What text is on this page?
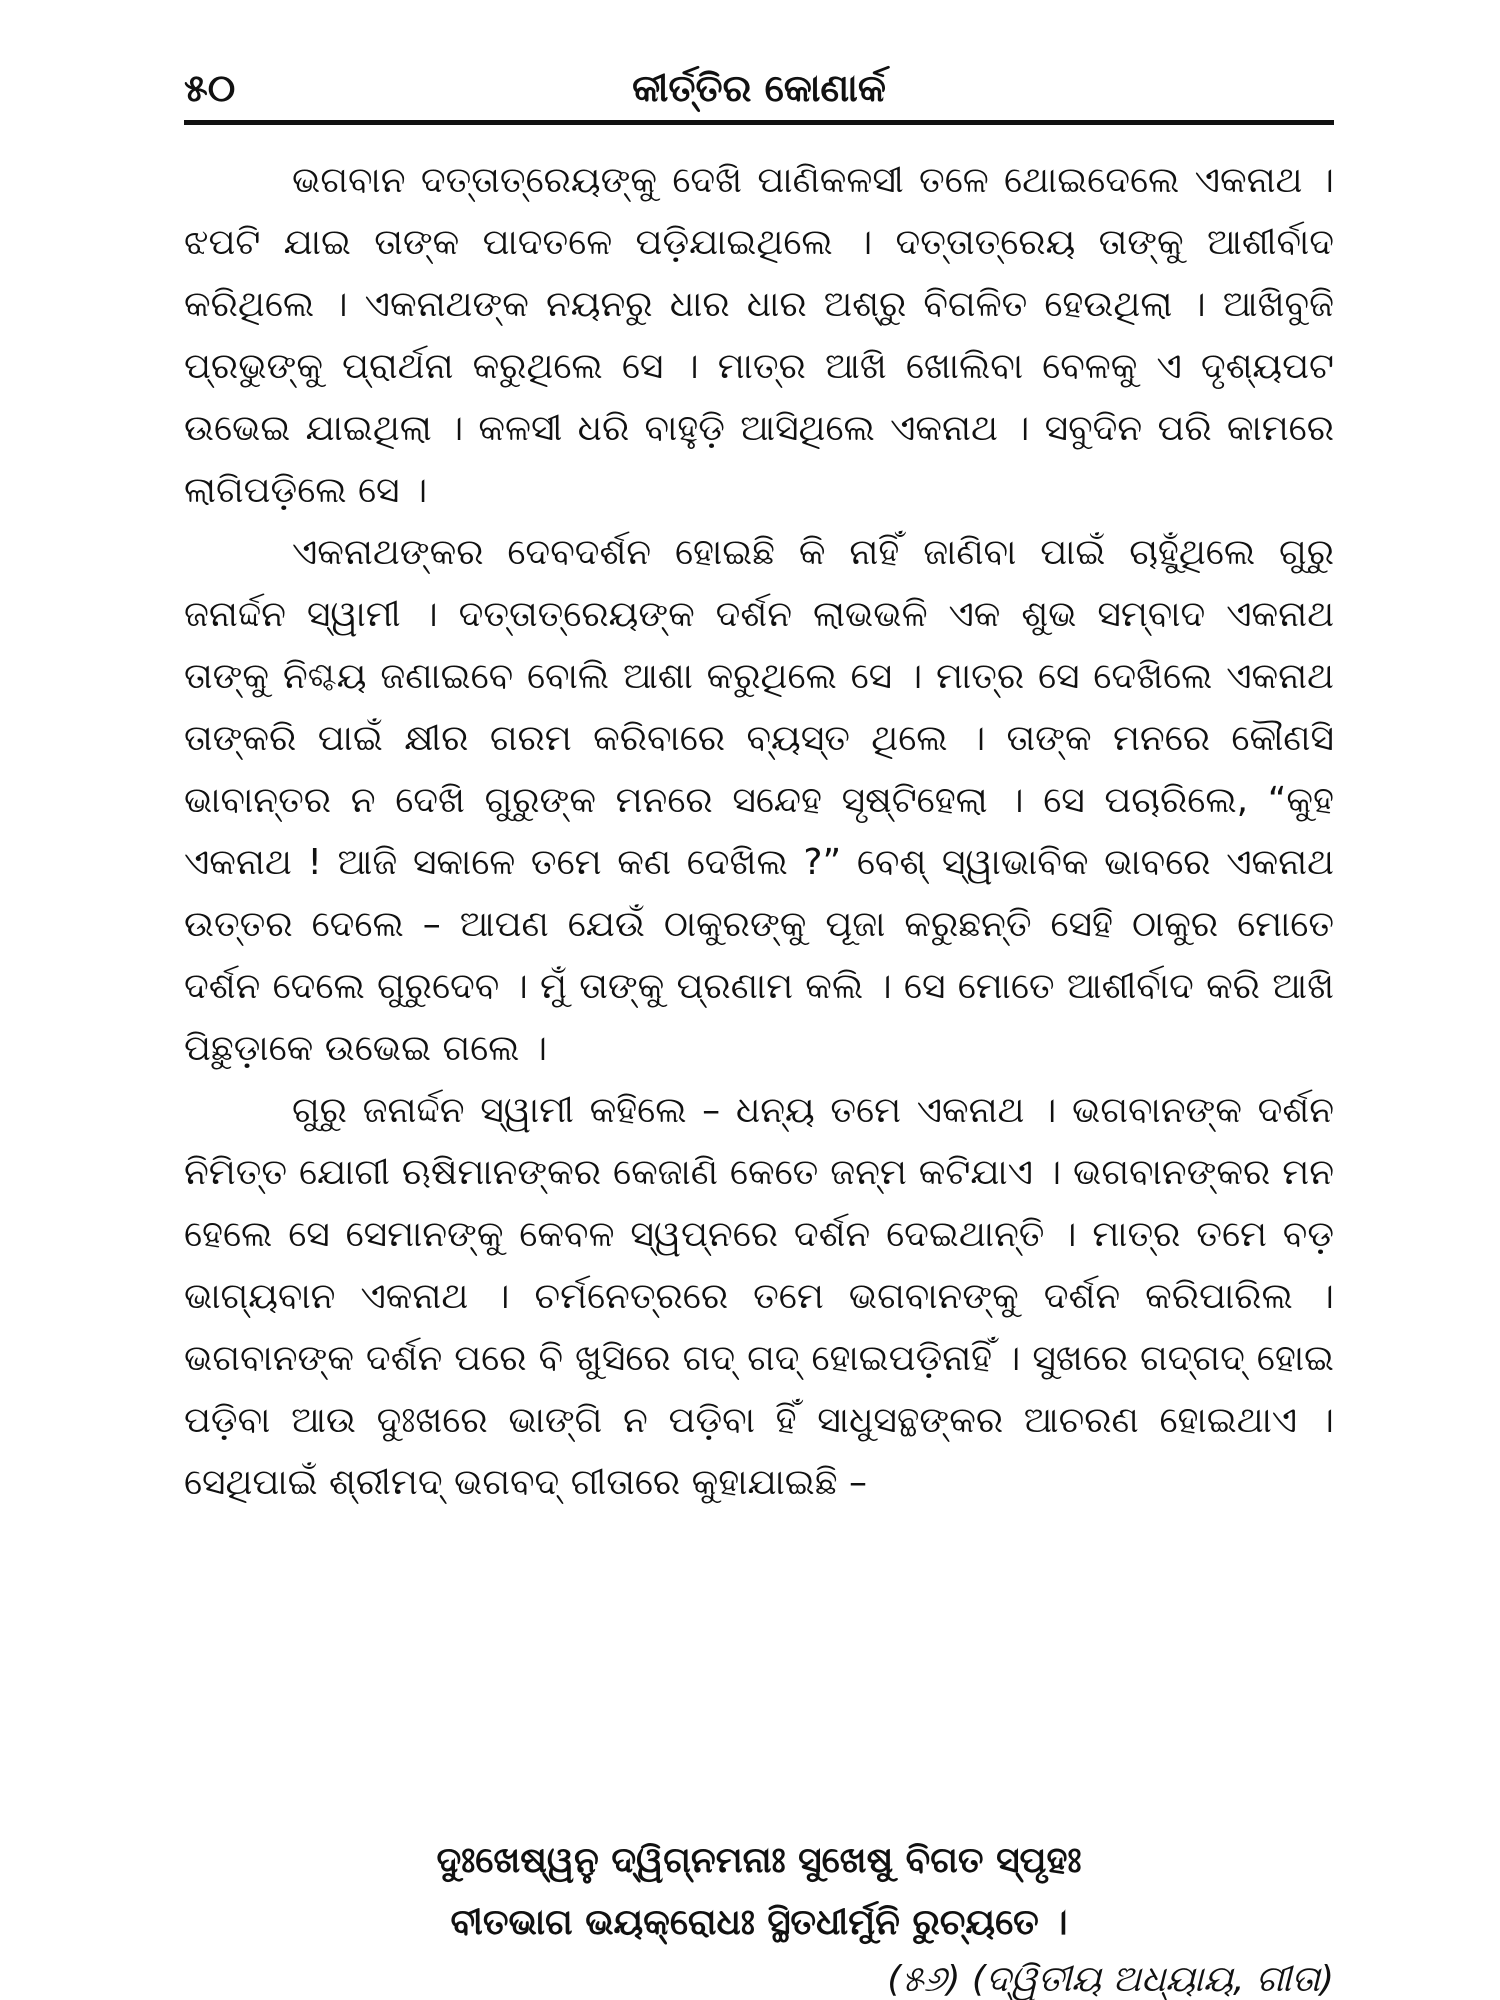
୫୦	କୀର୍ତ୍ତିର କୋଣାର୍କ

ଭଗବାନ ଦତ୍ତାତ୍ରେୟଙ୍କୁ ଦେଖି ପାଣିକଳସୀ ତଳେ ଥୋଇଦେଲେ ଏକନାଥ । ଝପଟି ଯାଇ ତାଙ୍କ ପାଦତଳେ ପଡ଼ିଯାଇଥିଲେ । ଦତ୍ତାତ୍ରେୟ ତାଙ୍କୁ ଆଶୀର୍ବାଦ କରିଥିଲେ । ଏକନାଥଙ୍କ ନୟନରୁ ଧାର ଧାର ଅଶ୍ରୁ ବିଗଳିତ ହେଉଥିଲା । ଆଖିବୁଜି ପ୍ରଭୁଙ୍କୁ ପ୍ରାର୍ଥନା କରୁଥିଲେ ସେ । ମାତ୍ର ଆଖି ଖୋଲିବା ବେଳକୁ ଏ ଦୃଶ୍ୟପଟ ଉଭେଇ ଯାଇଥିଲା । କଳସୀ ଧରି ବାହୁଡ଼ି ଆସିଥିଲେ ଏକନାଥ । ସବୁଦିନ ପରି କାମରେ ଲାଗିପଡ଼ିଲେ ସେ ।

ଏକନାଥଙ୍କର ଦେବଦର୍ଶନ ହୋଇଛି କି ନାହିଁ ଜାଣିବା ପାଇଁ ଚାହୁଁଥିଲେ ଗୁରୁ ଜନାର୍ଦ୍ଦନ ସ୍ୱାମୀ । ଦତ୍ତାତ୍ରେୟଙ୍କ ଦର୍ଶନ ଲାଭଭଳି ଏକ ଶୁଭ ସମ୍ବାଦ ଏକନାଥ ତାଙ୍କୁ ନିଶ୍ଚୟ ଜଣାଇବେ ବୋଲି ଆଶା କରୁଥିଲେ ସେ । ମାତ୍ର ସେ ଦେଖିଲେ ଏକନାଥ ତାଙ୍କରି ପାଇଁ କ୍ଷୀର ଗରମ କରିବାରେ ବ୍ୟସ୍ତ ଥିଲେ । ତାଙ୍କ ମନରେ କୌଣସି ଭାବାନ୍ତର ନ ଦେଖି ଗୁରୁଙ୍କ ମନରେ ସନ୍ଦେହ ସୃଷ୍ଟିହେଲା । ସେ ପଚାରିଲେ, “କୁହ ଏକନାଥ ! ଆଜି ସକାଳେ ତମେ କଣ ଦେଖିଲ ?” ବେଶ୍ ସ୍ୱାଭାବିକ ଭାବରେ ଏକନାଥ ଉତ୍ତର ଦେଲେ – ଆପଣ ଯେଉଁ ଠାକୁରଙ୍କୁ ପୂଜା କରୁଛନ୍ତି ସେହି ଠାକୁର ମୋତେ ଦର୍ଶନ ଦେଲେ ଗୁରୁଦେବ । ମୁଁ ତାଙ୍କୁ ପ୍ରଣାମ କଲି । ସେ ମୋତେ ଆଶୀର୍ବାଦ କରି ଆଖି ପିଛୁଡ଼ାକେ ଉଭେଇ ଗଲେ ।

ଗୁରୁ ଜନାର୍ଦ୍ଦନ ସ୍ୱାମୀ କହିଲେ – ଧନ୍ୟ ତମେ ଏକନାଥ । ଭଗବାନଙ୍କ ଦର୍ଶନ ନିମିତ୍ତ ଯୋଗୀ ଋଷିମାନଙ୍କର କେଜାଣି କେତେ ଜନ୍ମ କଟିଯାଏ । ଭଗବାନଙ୍କର ମନ ହେଲେ ସେ ସେମାନଙ୍କୁ କେବଳ ସ୍ୱପ୍ନରେ ଦର୍ଶନ ଦେଇଥାନ୍ତି । ମାତ୍ର ତମେ ବଡ଼ ଭାଗ୍ୟବାନ ଏକନାଥ । ଚର୍ମନେତ୍ରରେ ତମେ ଭଗବାନଙ୍କୁ ଦର୍ଶନ କରିପାରିଲ । ଭଗବାନଙ୍କ ଦର୍ଶନ ପରେ ବି ଖୁସିରେ ଗଦ୍ ଗଦ୍ ହୋଇପଡ଼ିନାହିଁ । ସୁଖରେ ଗଦ୍‌ଗଦ୍ ହୋଇ ପଡ଼ିବା ଆଉ ଦୁଃଖରେ ଭାଙ୍ଗି ନ ପଡ଼ିବା ହିଁ ସାଧୁସନ୍ଥଙ୍କର ଆଚରଣ ହୋଇଥାଏ । ସେଥିପାଇଁ ଶ୍ରୀମଦ୍ ଭଗବଦ୍ ଗୀତାରେ କୁହାଯାଇଛି –

ଦୁଃଖେଷ୍ୱନୁ ଦ୍ୱିଗ୍ନମନାଃ ସୁଖେଷୁ ବିଗତ ସ୍ପୃହଃ
ବୀତଭାଗ ଭୟକ୍ରୋଧଃ ସ୍ଥିତଧୀର୍ମୁନି ରୁଚ୍ୟତେ ।
(୫୬) (ଦ୍ୱିତୀୟ ଅଧ୍ୟାୟ, ଗୀତା)
